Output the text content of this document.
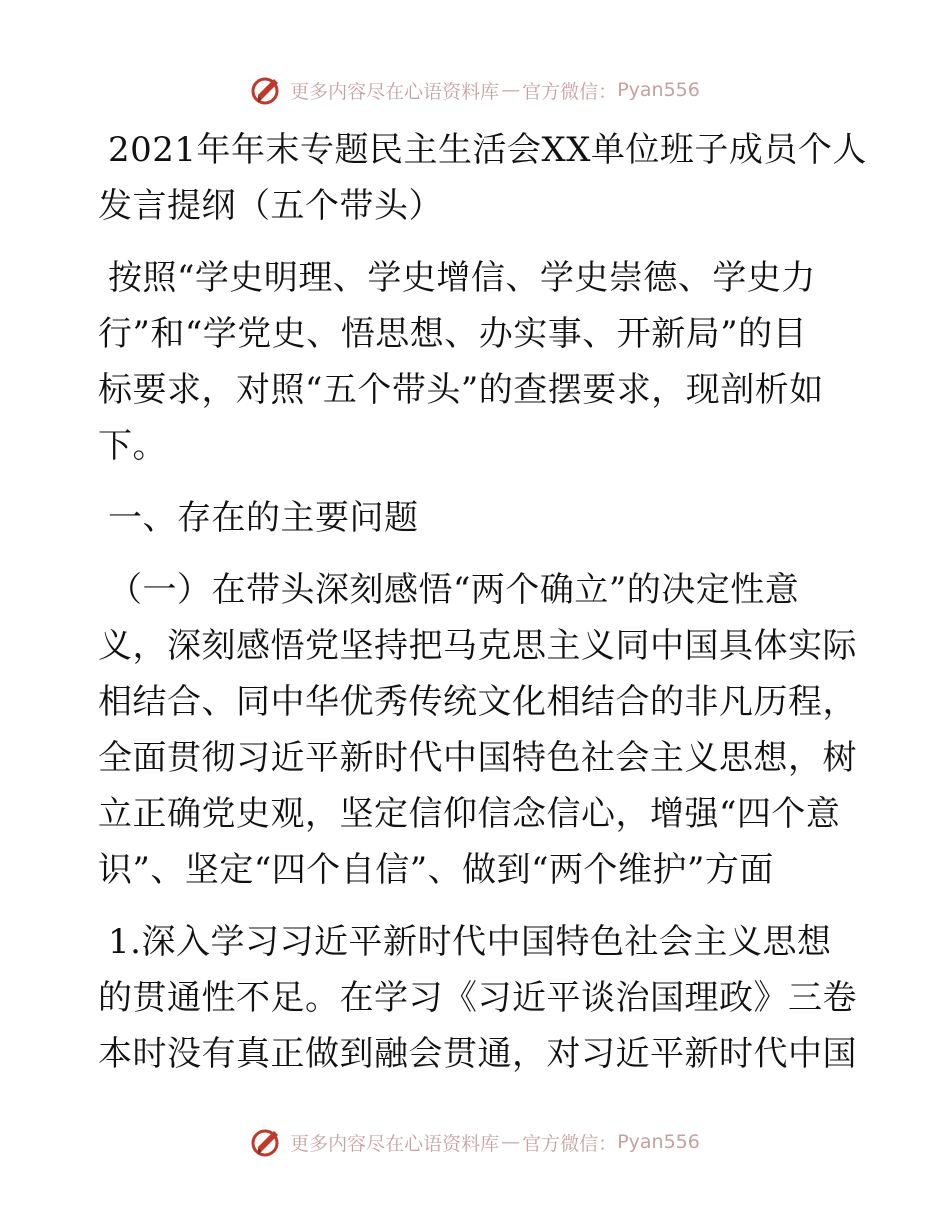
更多内容尽在心语资料库 — 官方微信： Pyan556
2021年年末专题民主生活会XX单位班子成员个人
发言提纲（五个带头）
按照“学史明理、学史增信、学史崇德、学史力
行”和“学党史、悟思想、办实事、开新局”的目
标要求，对照“五个带头”的查摆要求，现剖析如
下。
一、存在的主要问题
（一）在带头深刻感悟“两个确立”的决定性意
义，深刻感悟党坚持把马克思主义同中国具体实际
相结合、同中华优秀传统文化相结合的非凡历程，
全面贯彻习近平新时代中国特色社会主义思想，树
立正确党史观，坚定信仰信念信心，增强“四个意
识”、坚定“四个自信”、做到“两个维护”方面
1.深入学习习近平新时代中国特色社会主义思想
的贯通性不足。在学习《习近平谈治国理政》三卷
本时没有真正做到融会贯通，对习近平新时代中国
更多内容尽在心语资料库 — 官方微信： Pyan556
